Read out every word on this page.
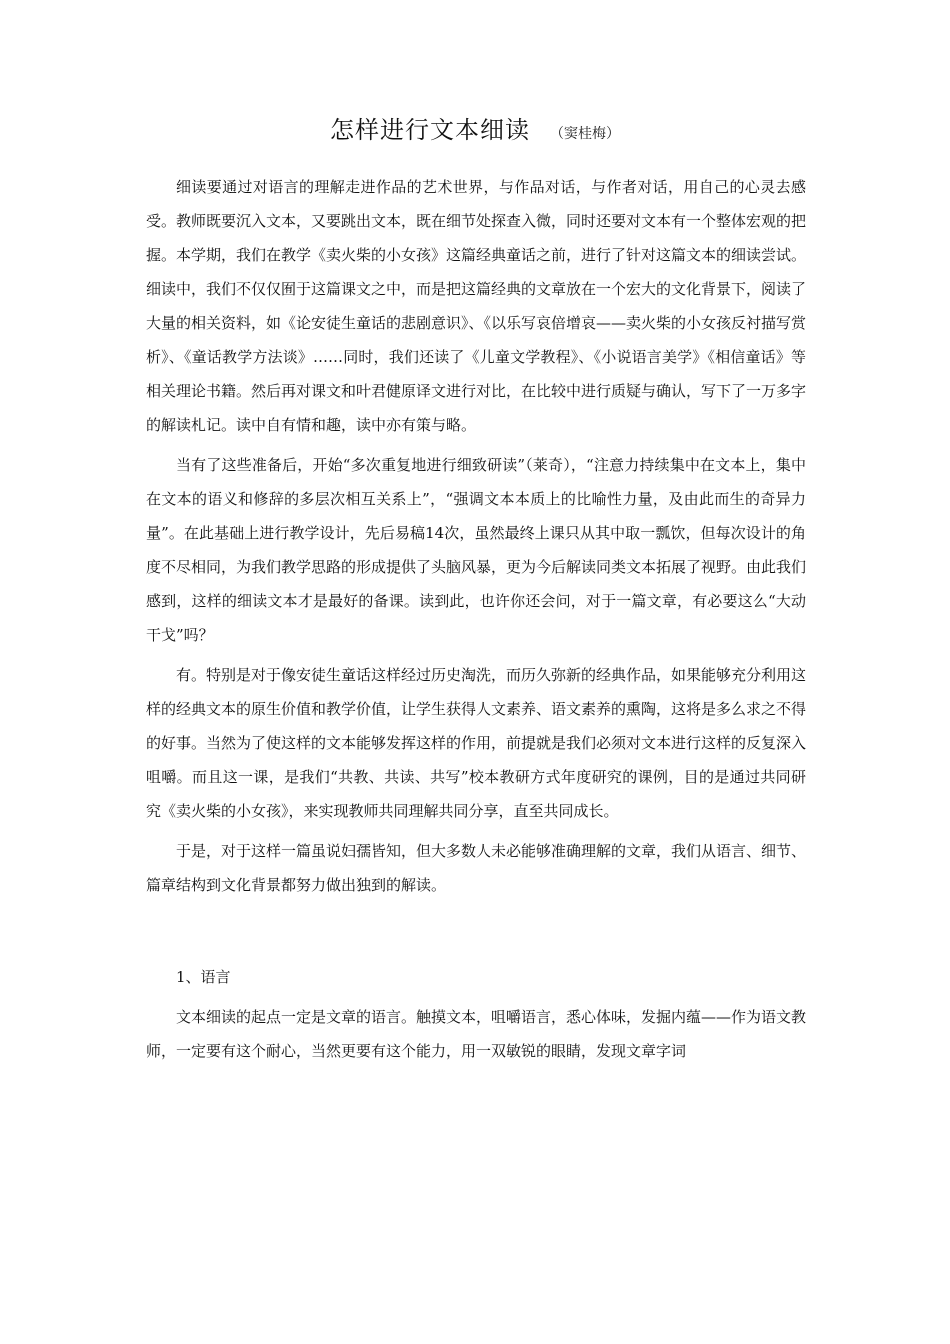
怎样进行文本细读 （窦桂梅）

细读要通过对语言的理解走进作品的艺术世界，与作品对话，与作者对话，用自己的心灵去感受。教师既要沉入文本，又要跳出文本，既在细节处探查入微，同时还要对文本有一个整体宏观的把握。本学期，我们在教学《卖火柴的小女孩》这篇经典童话之前，进行了针对这篇文本的细读尝试。细读中，我们不仅仅囿于这篇课文之中，而是把这篇经典的文章放在一个宏大的文化背景下，阅读了大量的相关资料，如《论安徒生童话的悲剧意识》、《以乐写哀倍增哀——卖火柴的小女孩反衬描写赏析》、《童话教学方法谈》……同时，我们还读了《儿童文学教程》、《小说语言美学》《相信童话》等相关理论书籍。然后再对课文和叶君健原译文进行对比，在比较中进行质疑与确认，写下了一万多字的解读札记。读中自有情和趣，读中亦有策与略。

当有了这些准备后，开始“多次重复地进行细致研读”（莱奇），“注意力持续集中在文本上，集中在文本的语义和修辞的多层次相互关系上”，“强调文本本质上的比喻性力量，及由此而生的奇异力量”。在此基础上进行教学设计，先后易稿14次，虽然最终上课只从其中取一瓢饮，但每次设计的角度不尽相同，为我们教学思路的形成提供了头脑风暴，更为今后解读同类文本拓展了视野。由此我们感到，这样的细读文本才是最好的备课。读到此，也许你还会问，对于一篇文章，有必要这么“大动干戈”吗？

有。特别是对于像安徒生童话这样经过历史淘洗，而历久弥新的经典作品，如果能够充分利用这样的经典文本的原生价值和教学价值，让学生获得人文素养、语文素养的熏陶，这将是多么求之不得的好事。当然为了使这样的文本能够发挥这样的作用，前提就是我们必须对文本进行这样的反复深入咀嚼。而且这一课，是我们“共教、共读、共写”校本教研方式年度研究的课例，目的是通过共同研究《卖火柴的小女孩》，来实现教师共同理解共同分享，直至共同成长。

于是，对于这样一篇虽说妇孺皆知，但大多数人未必能够准确理解的文章，我们从语言、细节、篇章结构到文化背景都努力做出独到的解读。

1、语言

文本细读的起点一定是文章的语言。触摸文本，咀嚼语言，悉心体味，发掘内蕴——作为语文教师，一定要有这个耐心，当然更要有这个能力，用一双敏锐的眼睛，发现文章字词
